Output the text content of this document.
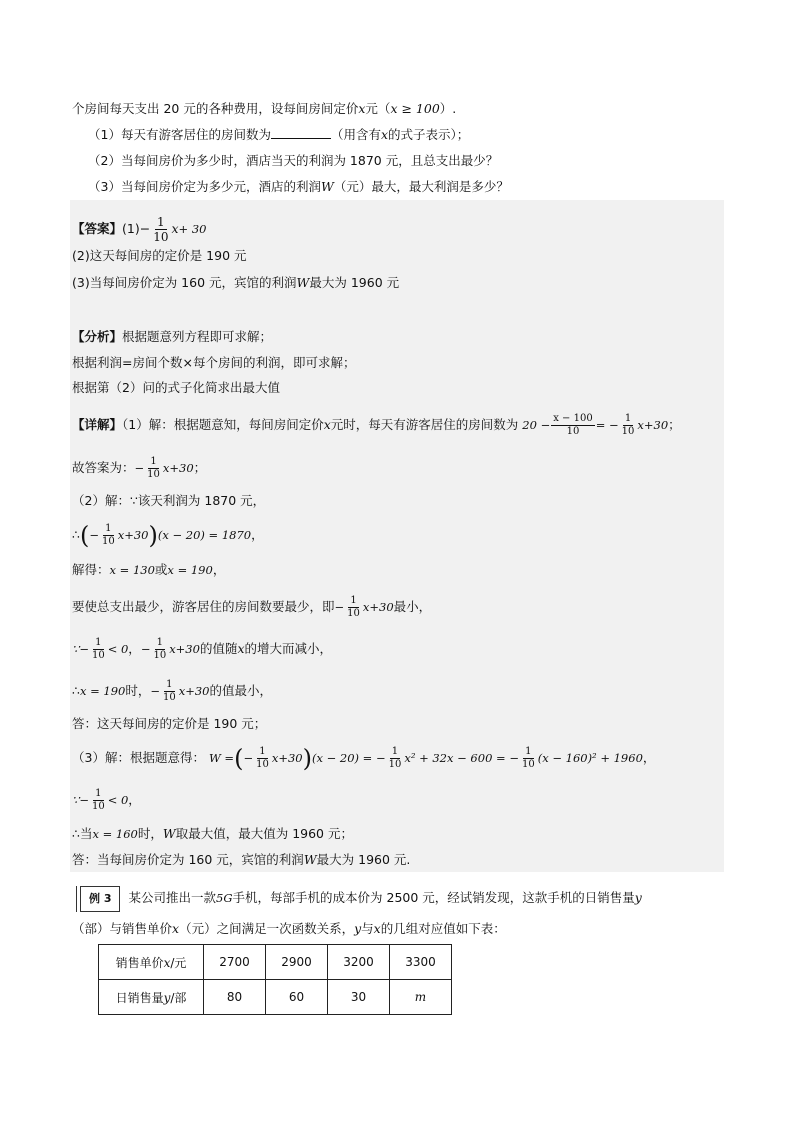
个房间每天支出 20 元的各种费用，设每间房间定价x元（x ≥ 100）.
（1）每天有游客居住的房间数为	（用含有x的式子表示）；
（2）当每间房价为多少时，酒店当天的利润为 1870 元，且总支出最少？
（3）当每间房价定为多少元，酒店的利润W（元）最大，最大利润是多少？
【答案】$(1)- \frac{1}{10} x+ 30$
(2)这天每间房的定价是 190 元
(3)当每间房价定为 160 元，宾馆的利润W最大为 1960 元
【分析】根据题意列方程即可求解；
根据利润=房间个数×每个房间的利润，即可求解；
根据第（2）问的式子化简求出最大值
【详解】（1）解：根据题意知，每间房间定价x元时，每天有游客居住的房间数为 $20 - \frac{x - 100}{10}$ = − $\frac{1}{10} x+30$；
故答案为：− $\frac{1}{10} x+30$；
（2）解：∵该天利润为 1870 元，
∴(− $\frac{1}{10} x+30)(x - 20) = 1870$，
解得：x = 130或x = 190，
要使总支出最少，游客居住的房间数要最少，即− $\frac{1}{10} x+30$最小，
∵− $\frac{1}{10} < 0$，− $\frac{1}{10} x+30$的值随x的增大而减小，
∴x = 190时，− $\frac{1}{10} x+30$的值最小，
答：这天每间房的定价是 190 元；
（3）解：根据题意得： W =(− $\frac{1}{10} x+30)(x - 20)$ = − $\frac{1}{10} x^2 + 32x - 600$ = − $\frac{1}{10} (x - 160)^2 + 1960$，
∵− $\frac{1}{10} < 0$，
∴当x = 160时，W取最大值，最大值为 1960 元；
答：当每间房价定为 160 元，宾馆的利润W最大为 1960 元.
例 3 某公司推出一款5G手机，每部手机的成本价为 2500 元，经试销发现，这款手机的日销售量y
（部）与销售单价x（元）之间满足一次函数关系，y与x的几组对应值如下表：
销售单价x/元	2700	2900	3200	3300
日销售量y/部	80	60	30	m
